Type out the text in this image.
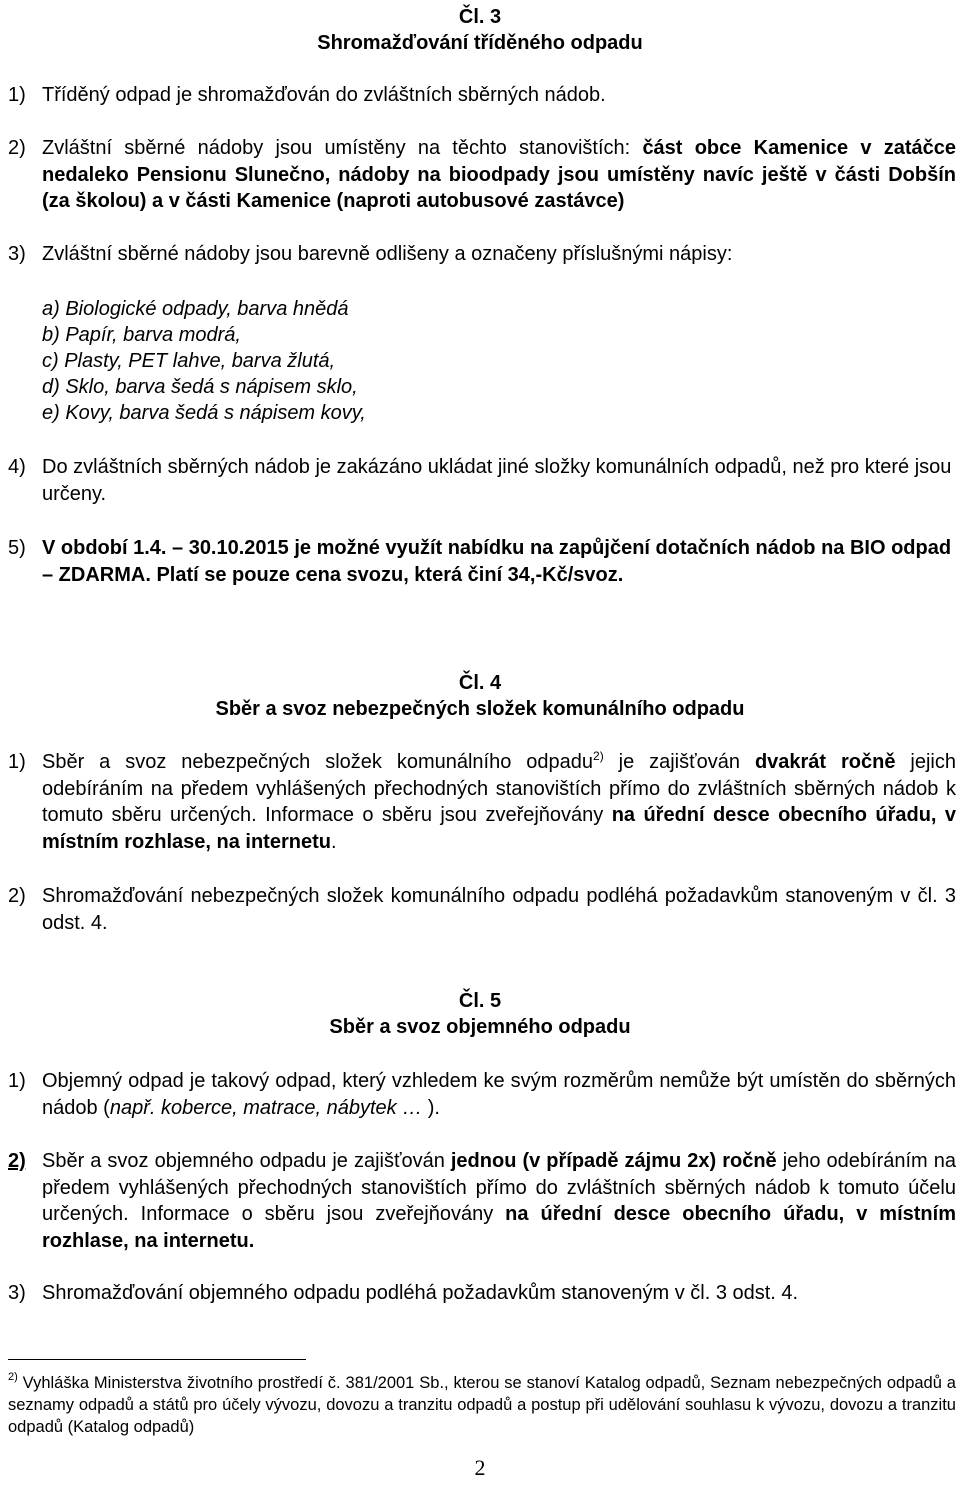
Čl. 3
Shromažďování tříděného odpadu
1) Tříděný odpad je shromažďován do zvláštních sběrných nádob.
2) Zvláštní sběrné nádoby jsou umístěny na těchto stanovištích: část obce Kamenice v zatáčce nedaleko Pensionu Slunečno, nádoby na bioodpady jsou umístěny navíc ještě v části Dobšín (za školou) a v části Kamenice (naproti autobusové zastávce)
3) Zvláštní sběrné nádoby jsou barevně odlišeny a označeny příslušnými nápisy:
a) Biologické odpady, barva hnědá
b) Papír, barva modrá,
c) Plasty, PET lahve, barva žlutá,
d) Sklo, barva šedá s nápisem sklo,
e) Kovy, barva šedá s nápisem kovy,
4) Do zvláštních sběrných nádob je zakázáno ukládat jiné složky komunálních odpadů, než pro které jsou určeny.
5) V období 1.4. – 30.10.2015 je možné využít nabídku na zapůjčení dotačních nádob na BIO odpad – ZDARMA. Platí se pouze cena svozu, která činí 34,-Kč/svoz.
Čl. 4
Sběr a svoz nebezpečných složek komunálního odpadu
1) Sběr a svoz nebezpečných složek komunálního odpadu$^{2)}$ je zajišťován dvakrát ročně jejich odebíráním na předem vyhlášených přechodných stanovištích přímo do zvláštních sběrných nádob k tomuto sběru určených. Informace o sběru jsou zveřejňovány na úřední desce obecního úřadu, v místním rozhlase, na internetu.
2) Shromažďování nebezpečných složek komunálního odpadu podléhá požadavkům stanoveným v čl. 3 odst. 4.
Čl. 5
Sběr a svoz objemného odpadu
1) Objemný odpad je takový odpad, který vzhledem ke svým rozměrům nemůže být umístěn do sběrných nádob (např. koberce, matrace, nábytek … ).
2) Sběr a svoz objemného odpadu je zajišťován jednou (v případě zájmu 2x) ročně jeho odebíráním na předem vyhlášených přechodných stanovištích přímo do zvláštních sběrných nádob k tomuto účelu určených. Informace o sběru jsou zveřejňovány na úřední desce obecního úřadu, v místním rozhlase, na internetu.
3) Shromažďování objemného odpadu podléhá požadavkům stanoveným v čl. 3 odst. 4.
$^{2)}$ Vyhláška Ministerstva životního prostředí č. 381/2001 Sb., kterou se stanoví Katalog odpadů, Seznam nebezpečných odpadů a seznamy odpadů a států pro účely vývozu, dovozu a tranzitu odpadů a postup při udělování souhlasu k vývozu, dovozu a tranzitu odpadů (Katalog odpadů)
2
